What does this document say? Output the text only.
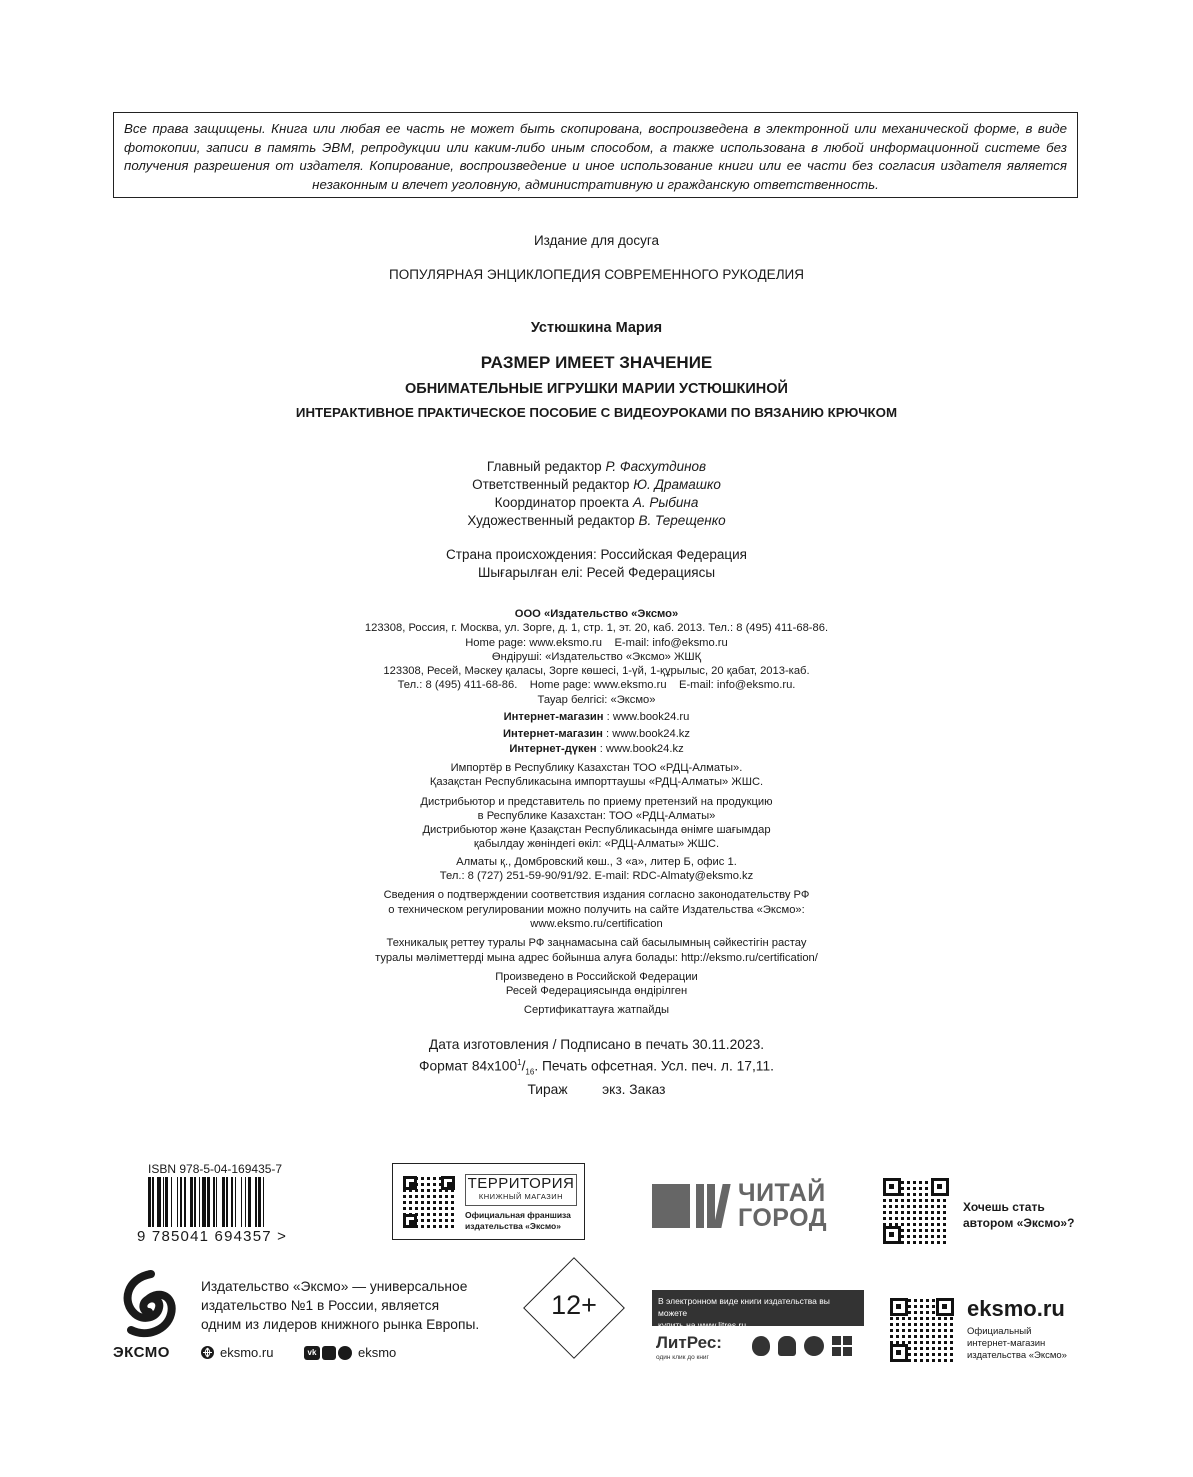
Все права защищены. Книга или любая ее часть не может быть скопирована, воспроизведена в электронной или механической форме, в виде фотокопии, записи в память ЭВМ, репродукции или каким-либо иным способом, а также использована в любой информационной системе без получения разрешения от издателя. Копирование, воспроизведение и иное использование книги или ее части без согласия издателя является незаконным и влечет уголовную, административную и гражданскую ответственность.
Издание для досуга
ПОПУЛЯРНАЯ ЭНЦИКЛОПЕДИЯ СОВРЕМЕННОГО РУКОДЕЛИЯ
Устюшкина Мария
РАЗМЕР ИМЕЕТ ЗНАЧЕНИЕ
ОБНИМАТЕЛЬНЫЕ ИГРУШКИ МАРИИ УСТЮШКИНОЙ
ИНТЕРАКТИВНОЕ ПРАКТИЧЕСКОЕ ПОСОБИЕ С ВИДЕОУРОКАМИ ПО ВЯЗАНИЮ КРЮЧКОМ
Главный редактор Р. Фасхутдинов
Ответственный редактор Ю. Драмашко
Координатор проекта А. Рыбина
Художественный редактор В. Терещенко
Страна происхождения: Российская Федерация
Шығарылған елі: Ресей Федерациясы
ООО «Издательство «Эксмо»
123308, Россия, г. Москва, ул. Зорге, д. 1, стр. 1, эт. 20, каб. 2013. Тел.: 8 (495) 411-68-86.
Home page: www.eksmo.ru    E-mail: info@eksmo.ru
Өндіруші: «Издательство «Эксмо» ЖШҚ
123308, Ресей, Мәскеу қаласы, Зорге көшесі, 1-үй, 1-құрылыс, 20 қабат, 2013-каб.
Тел.: 8 (495) 411-68-86.    Home page: www.eksmo.ru    E-mail: info@eksmo.ru.
Тауар белгісі: «Эксмо»
Интернет-магазин : www.book24.ru
Интернет-магазин : www.book24.kz
Интернет-дүкен : www.book24.kz
Импортёр в Республику Казахстан ТОО «РДЦ-Алматы».
Қазақстан Республикасына импорттаушы «РДЦ-Алматы» ЖШС.
Дистрибьютор и представитель по приему претензий на продукцию
в Республике Казахстан: ТОО «РДЦ-Алматы»
Дистрибьютор және Қазақстан Республикасында өнімге шағымдар
қабылдау жөніндегі өкіл: «РДЦ-Алматы» ЖШС.
Алматы қ., Домбровский көш., 3 «а», литер Б, офис 1.
Тел.: 8 (727) 251-59-90/91/92. E-mail: RDC-Almaty@eksmo.kz
Сведения о подтверждении соответствия издания согласно законодательству РФ
о техническом регулировании можно получить на сайте Издательства «Эксмо»:
www.eksmo.ru/certification
Техникалық реттеу туралы РФ заңнамасына сай басылымның сәйкестігін растау
туралы мәліметтерді мына адрес бойынша алуға болады: http://eksmo.ru/certification/
Произведено в Российской Федерации
Ресей Федерациясында өндірілген
Сертификаттауға жатпайды
Дата изготовления / Подписано в печать 30.11.2023.
Формат $84x100^1/_{16}$. Печать офсетная. Усл. печ. л. 17,11.
Тираж         экз. Заказ
ISBN 978-5-04-169435-7
9 785041 694357 >
ТЕРРИТОРИЯ
КНИЖНЫЙ МАГАЗИН
Официальная франшиза
издательства «Эксмо»
ЧИТАЙ
ГОРОД	Хочешь стать
автором «Эксмо»?
ЭКСМО
Издательство «Эксмо» — универсальное
издательство №1 в России, является
одним из лидеров книжного рынка Европы.
eksmo.ru	vk	eksmo
12+	В электронном виде книги издательства вы можете
купить на www.litres.ru
ЛитРес:
один клик до книг
eksmo.ru
Официальный
интернет-магазин
издательства «Эксмо»
